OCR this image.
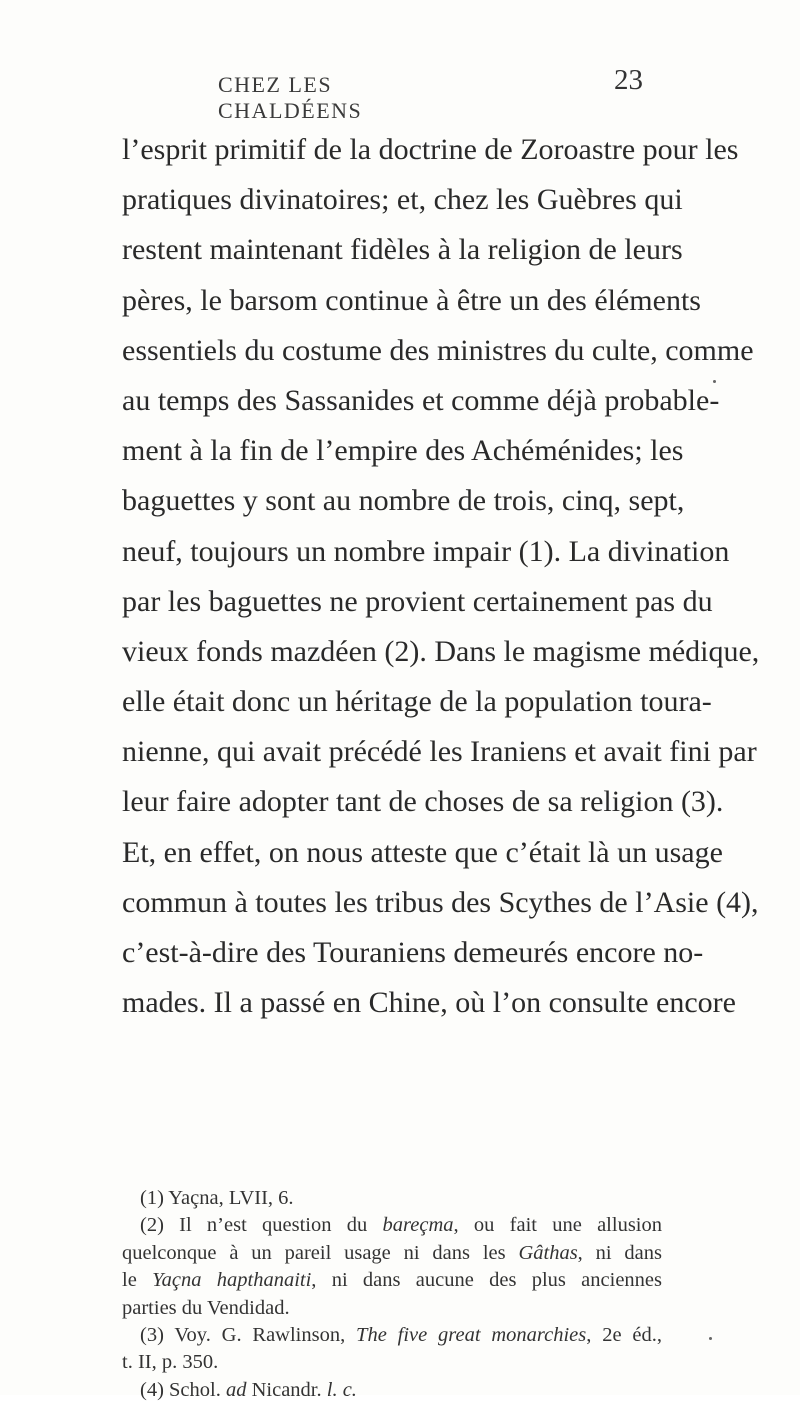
CHEZ LES CHALDÉENS
23
l’esprit primitif de la doctrine de Zoroastre pour les
pratiques divinatoires; et, chez les Guèbres qui
restent maintenant fidèles à la religion de leurs
pères, le barsom continue à être un des éléments
essentiels du costume des ministres du culte, comme
au temps des Sassanides et comme déjà probable-
ment à la fin de l’empire des Achéménides; les
baguettes y sont au nombre de trois, cinq, sept,
neuf, toujours un nombre impair (1). La divination
par les baguettes ne provient certainement pas du
vieux fonds mazdéen (2). Dans le magisme médique,
elle était donc un héritage de la population toura-
nienne, qui avait précédé les Iraniens et avait fini par
leur faire adopter tant de choses de sa religion (3).
Et, en effet, on nous atteste que c’était là un usage
commun à toutes les tribus des Scythes de l’Asie (4),
c’est-à-dire des Touraniens demeurés encore no-
mades. Il a passé en Chine, où l’on consulte encore
(1) Yaçna, LVII, 6.
(2) Il n’est question du bareçma, ou fait une allusion
quelconque à un pareil usage ni dans les Gâthas, ni dans
le Yaçna hapthanaiti, ni dans aucune des plus anciennes
parties du Vendidad.
(3) Voy. G. Rawlinson, The five great monarchies, 2e éd.,
t. II, p. 350.
(4) Schol. ad Nicandr. l. c.
